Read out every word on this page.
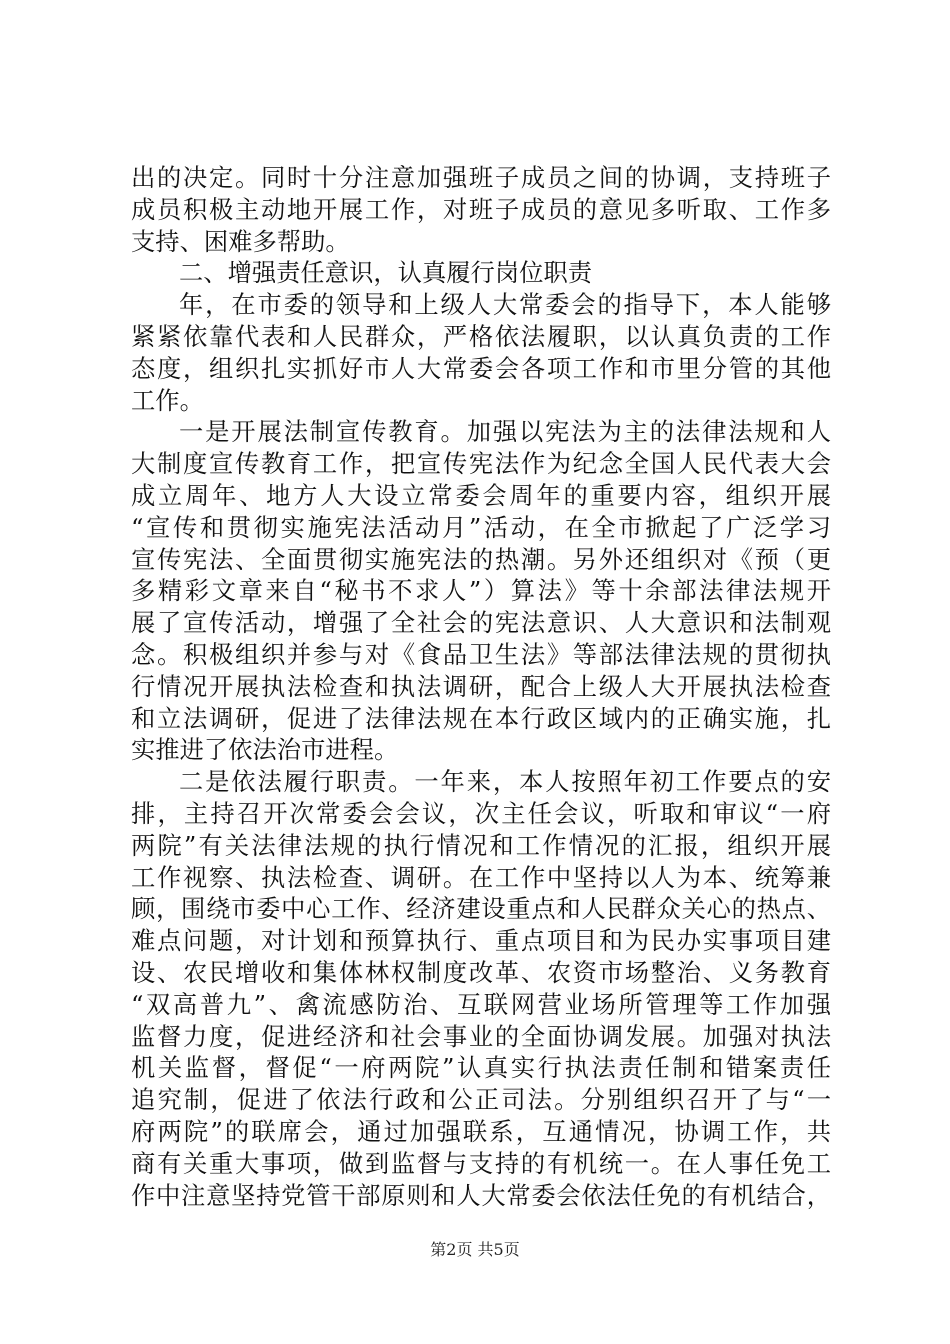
出的决定。同时十分注意加强班子成员之间的协调，支持班子
成员积极主动地开展工作，对班子成员的意见多听取、工作多
支持、困难多帮助。
二、增强责任意识，认真履行岗位职责
年，在市委的领导和上级人大常委会的指导下，本人能够
紧紧依靠代表和人民群众，严格依法履职，以认真负责的工作
态度，组织扎实抓好市人大常委会各项工作和市里分管的其他
工作。
一是开展法制宣传教育。加强以宪法为主的法律法规和人
大制度宣传教育工作，把宣传宪法作为纪念全国人民代表大会
成立周年、地方人大设立常委会周年的重要内容，组织开展
“宣传和贯彻实施宪法活动月”活动，在全市掀起了广泛学习
宣传宪法、全面贯彻实施宪法的热潮。另外还组织对《预（更
多精彩文章来自“秘书不求人”）算法》等十余部法律法规开
展了宣传活动，增强了全社会的宪法意识、人大意识和法制观
念。积极组织并参与对《食品卫生法》等部法律法规的贯彻执
行情况开展执法检查和执法调研，配合上级人大开展执法检查
和立法调研，促进了法律法规在本行政区域内的正确实施，扎
实推进了依法治市进程。
二是依法履行职责。一年来，本人按照年初工作要点的安
排，主持召开次常委会会议，次主任会议，听取和审议“一府
两院”有关法律法规的执行情况和工作情况的汇报，组织开展
工作视察、执法检查、调研。在工作中坚持以人为本、统筹兼
顾，围绕市委中心工作、经济建设重点和人民群众关心的热点、
难点问题，对计划和预算执行、重点项目和为民办实事项目建
设、农民增收和集体林权制度改革、农资市场整治、义务教育
“双高普九”、禽流感防治、互联网营业场所管理等工作加强
监督力度，促进经济和社会事业的全面协调发展。加强对执法
机关监督，督促“一府两院”认真实行执法责任制和错案责任
追究制，促进了依法行政和公正司法。分别组织召开了与“一
府两院”的联席会，通过加强联系，互通情况，协调工作，共
商有关重大事项，做到监督与支持的有机统一。在人事任免工
作中注意坚持党管干部原则和人大常委会依法任免的有机结合，
第2页 共5页
